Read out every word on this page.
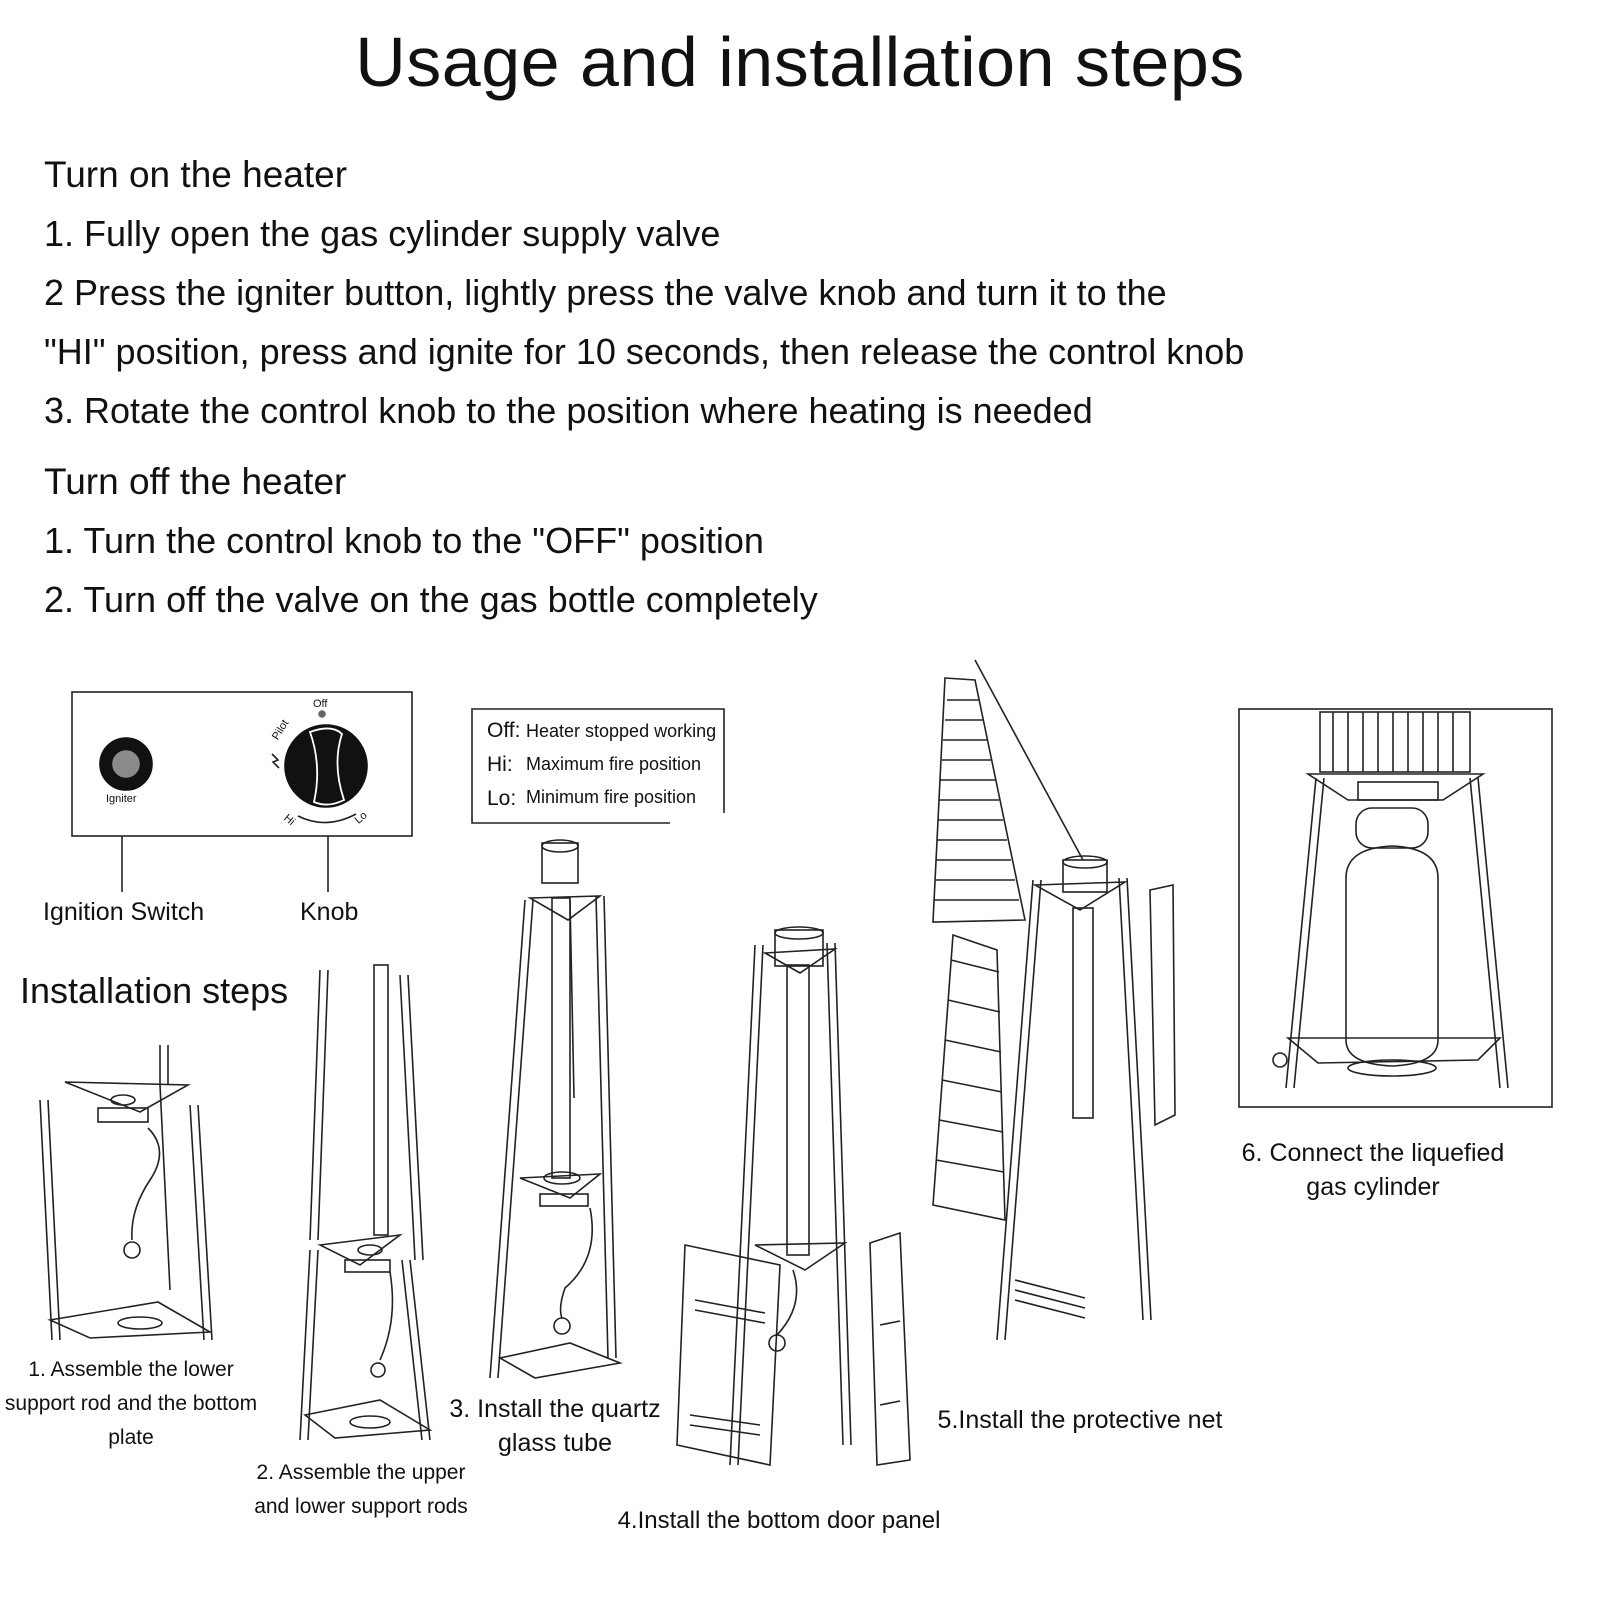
Usage and installation steps
Turn on the heater
1. Fully open the gas cylinder supply valve
2 Press the igniter button, lightly press the valve knob and turn it to the
"HI" position, press and ignite for 10 seconds, then release the control knob
3. Rotate the control knob to the position where heating is needed
Turn off the heater
1. Turn the control knob to the "OFF" position
2. Turn off the valve on the gas bottle completely
Igniter
Off
Pilot
Hi	Lo
Ignition Switch	Knob
Off: Heater stopped working
Hi: Maximum fire position
Lo: Minimum fire position
Installation steps
1. Assemble the lower support rod and the bottom plate
2. Assemble the upper and lower support rods
3. Install the quartz glass tube
4.Install the bottom door panel
5.Install the protective net
6. Connect the liquefied gas cylinder
